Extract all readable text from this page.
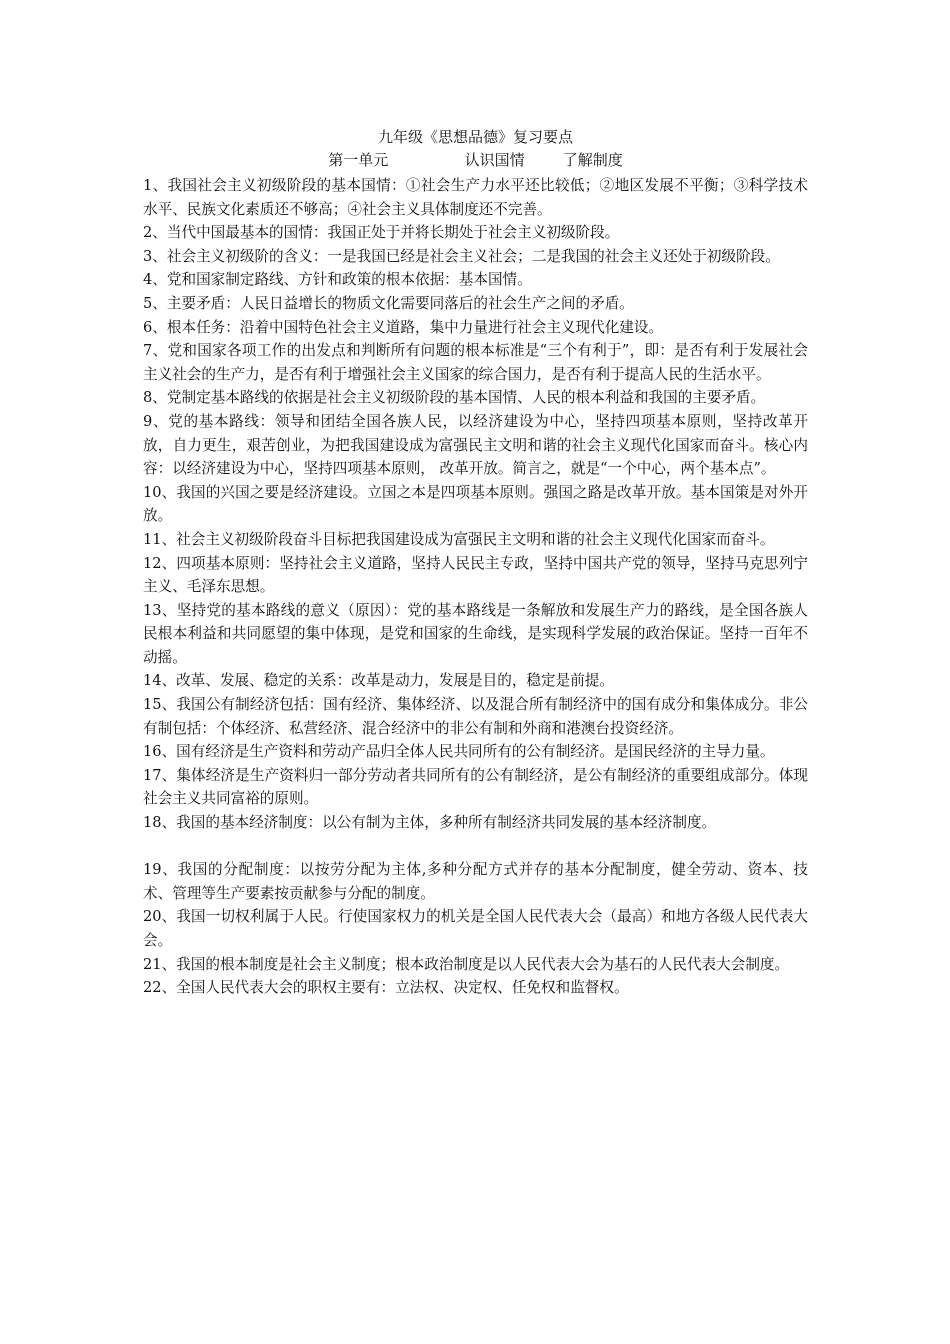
九年级《思想品德》复习要点

第一单元                认识国情        了解制度

1、我国社会主义初级阶段的基本国情：①社会生产力水平还比较低；②地区发展不平衡；③科学技术水平、民族文化素质还不够高；④社会主义具体制度还不完善。

2、当代中国最基本的国情：我国正处于并将长期处于社会主义初级阶段。

3、社会主义初级阶的含义：一是我国已经是社会主义社会；二是我国的社会主义还处于初级阶段。

4、党和国家制定路线、方针和政策的根本依据：基本国情。

5、主要矛盾：人民日益增长的物质文化需要同落后的社会生产之间的矛盾。

6、根本任务：沿着中国特色社会主义道路，集中力量进行社会主义现代化建设。

7、党和国家各项工作的出发点和判断所有问题的根本标准是“三个有利于”，即：是否有利于发展社会主义社会的生产力，是否有利于增强社会主义国家的综合国力，是否有利于提高人民的生活水平。

8、党制定基本路线的依据是社会主义初级阶段的基本国情、人民的根本利益和我国的主要矛盾。

9、党的基本路线：领导和团结全国各族人民，以经济建设为中心，坚持四项基本原则，坚持改革开放，自力更生，艰苦创业，为把我国建设成为富强民主文明和谐的社会主义现代化国家而奋斗。核心内容：以经济建设为中心，坚持四项基本原则， 改革开放。简言之，就是“一个中心，两个基本点”。

10、我国的兴国之要是经济建设。立国之本是四项基本原则。强国之路是改革开放。基本国策是对外开放。

11、社会主义初级阶段奋斗目标把我国建设成为富强民主文明和谐的社会主义现代化国家而奋斗。

12、四项基本原则：坚持社会主义道路，坚持人民民主专政，坚持中国共产党的领导，坚持马克思列宁主义、毛泽东思想。

13、坚持党的基本路线的意义（原因）：党的基本路线是一条解放和发展生产力的路线，是全国各族人民根本利益和共同愿望的集中体现，是党和国家的生命线，是实现科学发展的政治保证。坚持一百年不动摇。

14、改革、发展、稳定的关系：改革是动力，发展是目的，稳定是前提。

15、我国公有制经济包括：国有经济、集体经济、以及混合所有制经济中的国有成分和集体成分。非公有制包括：个体经济、私营经济、混合经济中的非公有制和外商和港澳台投资经济。

16、国有经济是生产资料和劳动产品归全体人民共同所有的公有制经济。是国民经济的主导力量。

17、集体经济是生产资料归一部分劳动者共同所有的公有制经济，是公有制经济的重要组成部分。体现社会主义共同富裕的原则。

18、我国的基本经济制度：以公有制为主体，多种所有制经济共同发展的基本经济制度。

19、我国的分配制度：以按劳分配为主体,多种分配方式并存的基本分配制度，健全劳动、资本、技术、管理等生产要素按贡献参与分配的制度。

20、我国一切权利属于人民。行使国家权力的机关是全国人民代表大会（最高）和地方各级人民代表大会。

21、我国的根本制度是社会主义制度；根本政治制度是以人民代表大会为基石的人民代表大会制度。

22、全国人民代表大会的职权主要有：立法权、决定权、任免权和监督权。
